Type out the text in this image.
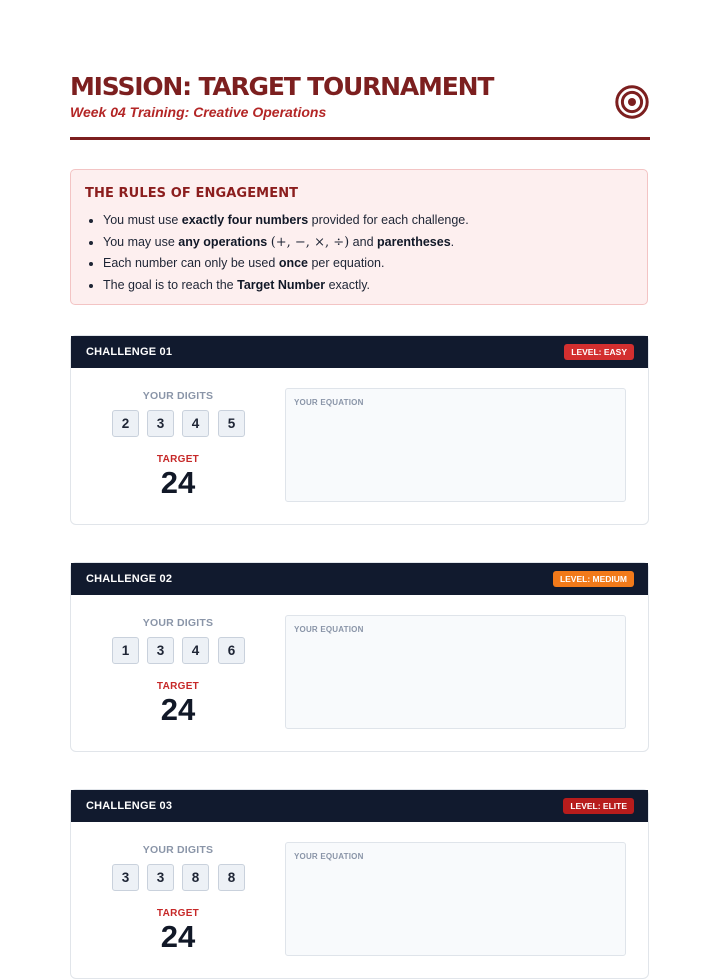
MISSION: TARGET TOURNAMENT

Week 04 Training: Creative Operations

THE RULES OF ENGAGEMENT
• You must use exactly four numbers provided for each challenge.
• You may use any operations (+, −, ×, ÷) and parentheses.
• Each number can only be used once per equation.
• The goal is to reach the Target Number exactly.
CHALLENGE 01	LEVEL: EASY
YOUR DIGITS
2	3	4	5
TARGET
24
YOUR EQUATION
CHALLENGE 02	LEVEL: MEDIUM
YOUR DIGITS
1	3	4	6
TARGET
24
YOUR EQUATION
CHALLENGE 03	LEVEL: ELITE
YOUR DIGITS
3	3	8	8
TARGET
24
YOUR EQUATION
